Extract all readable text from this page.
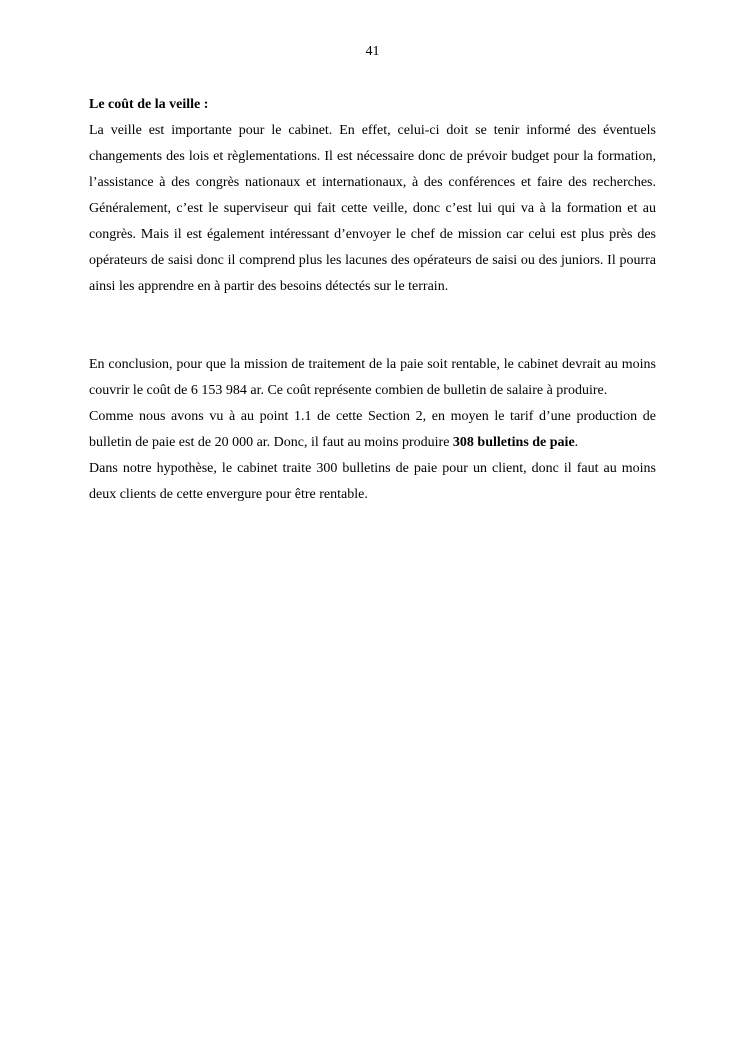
41
Le coût de la veille :

La veille est importante pour le cabinet. En effet, celui-ci doit se tenir informé des éventuels changements des lois et règlementations. Il est nécessaire donc de prévoir budget pour la formation, l’assistance à des congrès nationaux et internationaux, à des conférences et faire des recherches. Généralement, c’est le superviseur qui fait cette veille, donc c’est lui qui va à la formation et au congrès. Mais il est également intéressant d’envoyer le chef de mission car celui est plus près des opérateurs de saisi donc il comprend plus les lacunes des opérateurs de saisi ou des juniors. Il pourra ainsi les apprendre en à partir des besoins détectés sur le terrain.

En conclusion, pour que la mission de traitement de la paie soit rentable, le cabinet devrait au moins couvrir le coût de 6 153 984 ar. Ce coût représente combien de bulletin de salaire à produire.

Comme nous avons vu à au point 1.1 de cette Section 2, en moyen le tarif d’une production de bulletin de paie est de 20 000 ar. Donc, il faut au moins produire 308 bulletins de paie.

Dans notre hypothèse, le cabinet traite 300 bulletins de paie pour un client, donc il faut au moins deux clients de cette envergure pour être rentable.
